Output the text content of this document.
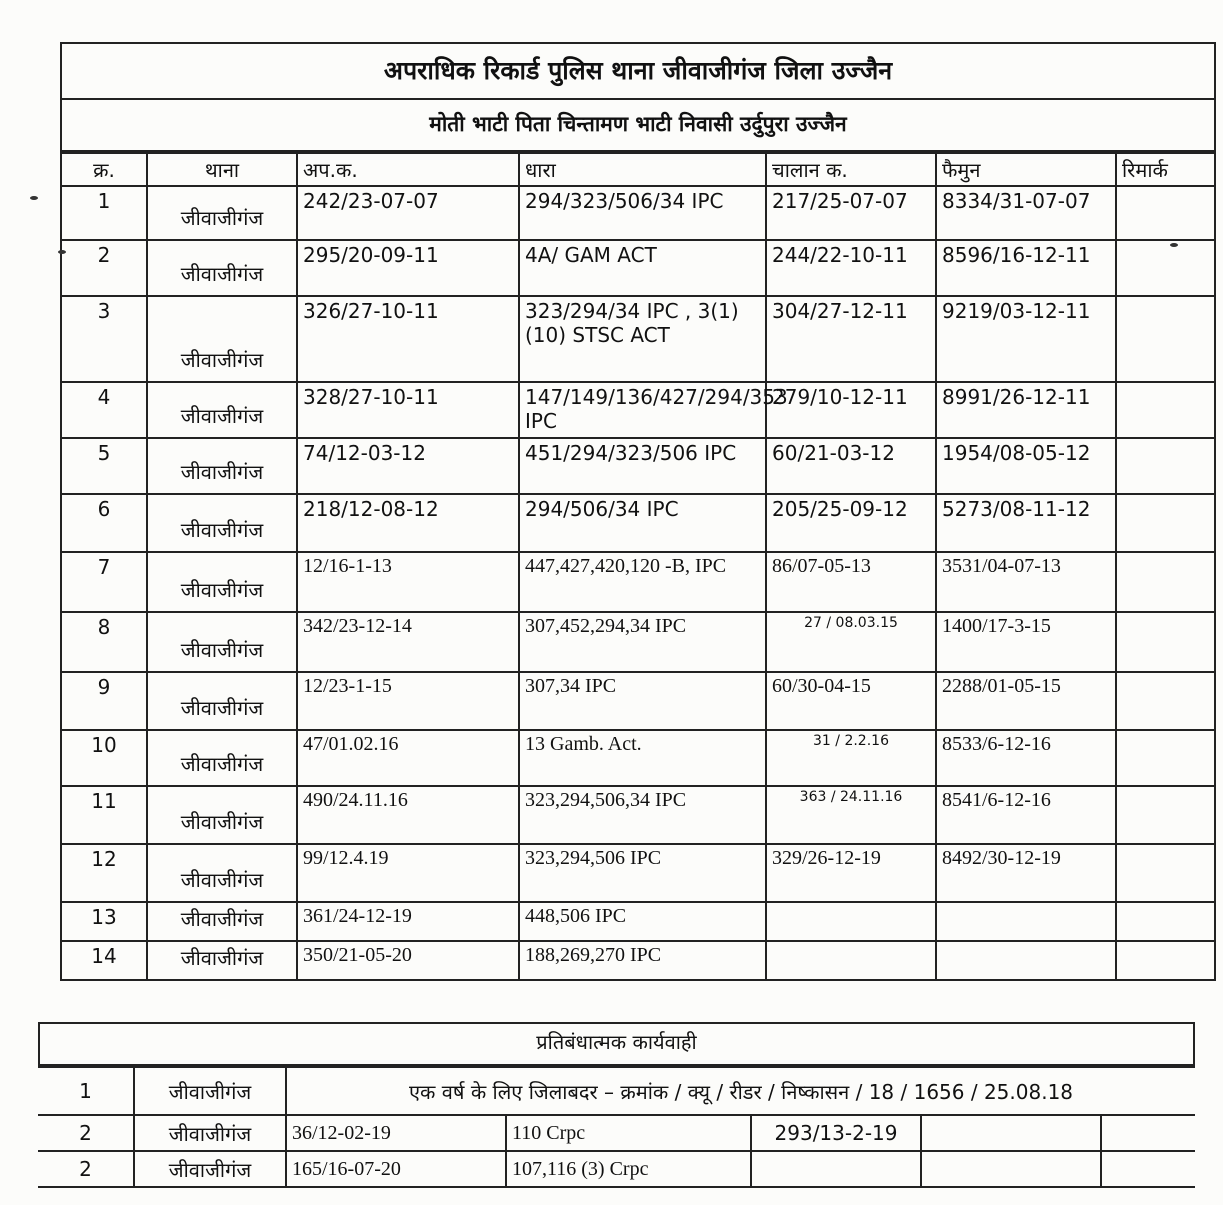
अपराधिक रिकार्ड पुलिस थाना जीवाजीगंज जिला उज्जैन
मोती भाटी पिता चिन्तामण भाटी निवासी उर्दुपुरा उज्जैन
क्र.	थाना	अप.क.	धारा	चालान क.	फैमुन	रिमार्क
1	जीवाजीगंज	242/23-07-07	294/323/506/34 IPC	217/25-07-07	8334/31-07-07	
2	जीवाजीगंज	295/20-09-11	4A/ GAM ACT	244/22-10-11	8596/16-12-11	
3	जीवाजीगंज	326/27-10-11	323/294/34 IPC , 3(1)(10) STSC ACT	304/27-12-11	9219/03-12-11	
4	जीवाजीगंज	328/27-10-11	147/149/136/427/294/353 IPC	279/10-12-11	8991/26-12-11	
5	जीवाजीगंज	74/12-03-12	451/294/323/506 IPC	60/21-03-12	1954/08-05-12	
6	जीवाजीगंज	218/12-08-12	294/506/34 IPC	205/25-09-12	5273/08-11-12	
7	जीवाजीगंज	12/16-1-13	447,427,420,120 -B, IPC	86/07-05-13	3531/04-07-13	
8	जीवाजीगंज	342/23-12-14	307,452,294,34 IPC	27 / 08.03.15	1400/17-3-15	
9	जीवाजीगंज	12/23-1-15	307,34 IPC	60/30-04-15	2288/01-05-15	
10	जीवाजीगंज	47/01.02.16	13 Gamb. Act.	31 / 2.2.16	8533/6-12-16	
11	जीवाजीगंज	490/24.11.16	323,294,506,34 IPC	363 / 24.11.16	8541/6-12-16	
12	जीवाजीगंज	99/12.4.19	323,294,506 IPC	329/26-12-19	8492/30-12-19	
13	जीवाजीगंज	361/24-12-19	448,506 IPC			
14	जीवाजीगंज	350/21-05-20	188,269,270 IPC			
प्रतिबंधात्मक कार्यवाही
1	जीवाजीगंज	एक वर्ष के लिए जिलाबदर – क्रमांक / क्यू / रीडर / निष्कासन / 18 / 1656 / 25.08.18				
2	जीवाजीगंज	36/12-02-19	110 Crpc	293/13-2-19		
2	जीवाजीगंज	165/16-07-20	107,116 (3) Crpc			
